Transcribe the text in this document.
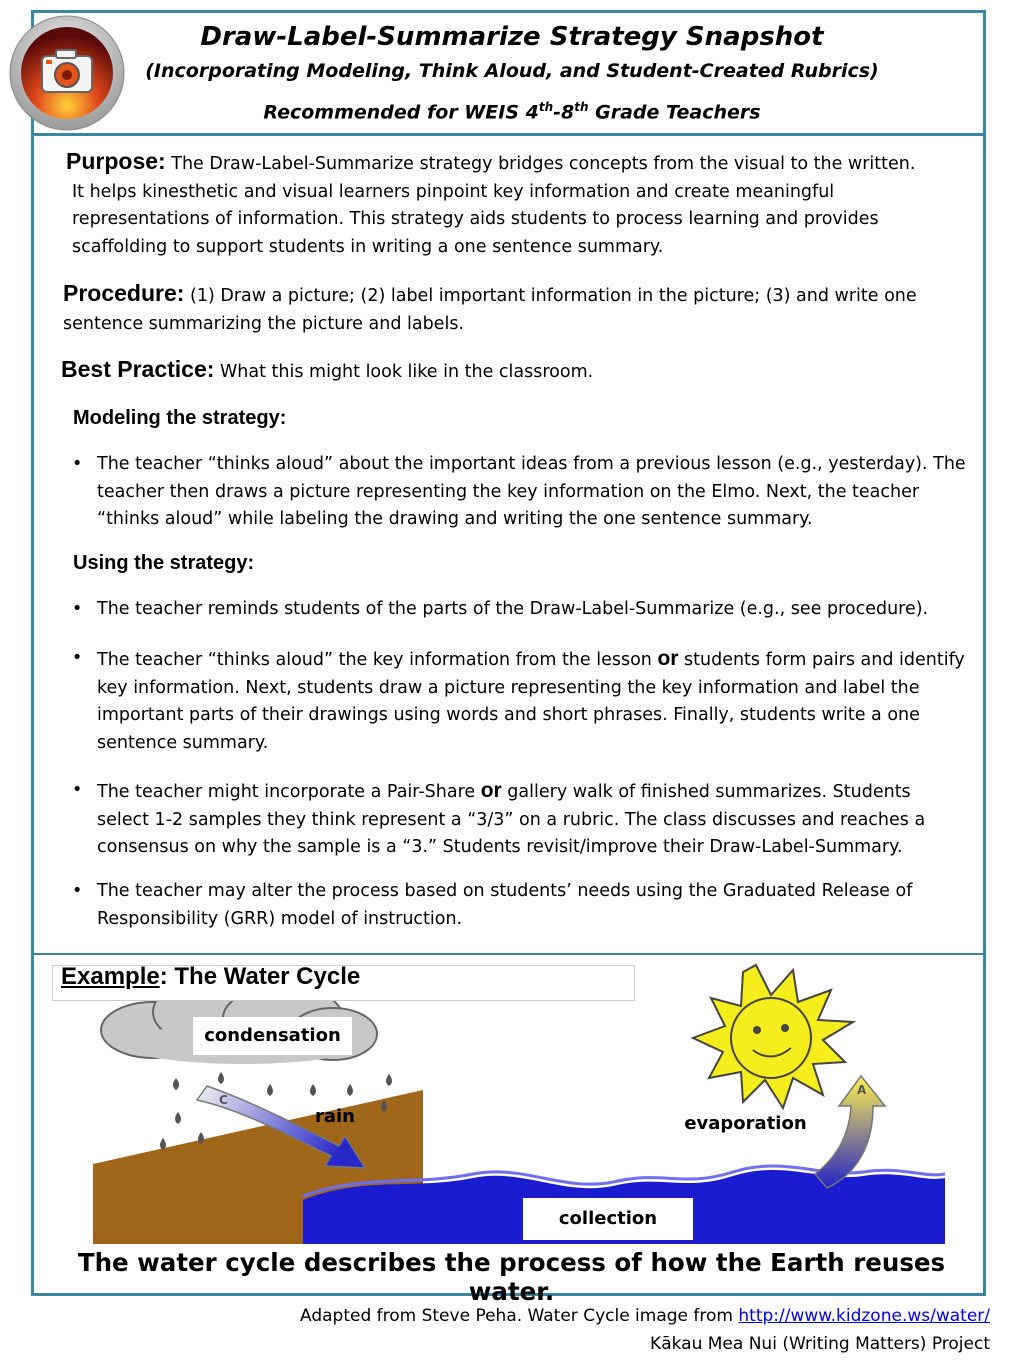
Draw-Label-Summarize Strategy Snapshot
(Incorporating Modeling, Think Aloud, and Student-Created Rubrics)
Recommended for WEIS 4th-8th Grade Teachers
Purpose: The Draw-Label-Summarize strategy bridges concepts from the visual to the written.
It helps kinesthetic and visual learners pinpoint key information and create meaningful representations of information. This strategy aids students to process learning and provides scaffolding to support students in writing a one sentence summary.
Procedure: (1) Draw a picture; (2) label important information in the picture; (3) and write one sentence summarizing the picture and labels.
Best Practice: What this might look like in the classroom.
Modeling the strategy:
• The teacher “thinks aloud” about the important ideas from a previous lesson (e.g., yesterday). The teacher then draws a picture representing the key information on the Elmo. Next, the teacher “thinks aloud” while labeling the drawing and writing the one sentence summary.
Using the strategy:
• The teacher reminds students of the parts of the Draw-Label-Summarize (e.g., see procedure).
• The teacher “thinks aloud” the key information from the lesson or students form pairs and identify key information. Next, students draw a picture representing the key information and label the important parts of their drawings using words and short phrases. Finally, students write a one sentence summary.
• The teacher might incorporate a Pair-Share or gallery walk of finished summarizes. Students select 1-2 samples they think represent a “3/3” on a rubric. The class discusses and reaches a consensus on why the sample is a “3.” Students revisit/improve their Draw-Label-Summary.
• The teacher may alter the process based on students’ needs using the Graduated Release of Responsibility (GRR) model of instruction.
C
A
Example: The Water Cycle
condensation
rain	evaporation
collection
The water cycle describes the process of how the Earth reuses water.
Adapted from Steve Peha. Water Cycle image from http://www.kidzone.ws/water/
Kākau Mea Nui (Writing Matters) Project
